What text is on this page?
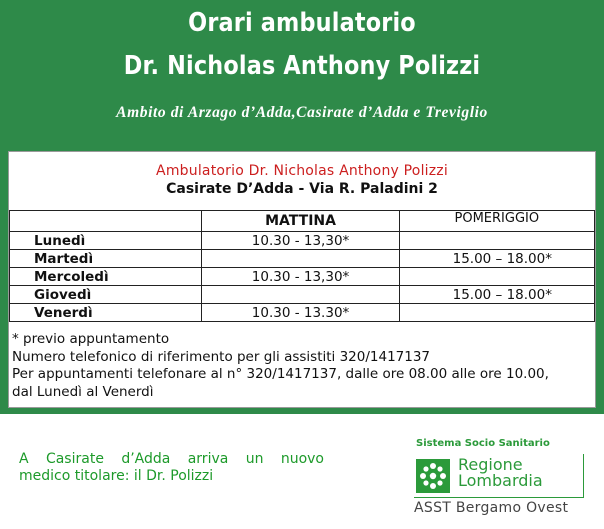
Orari ambulatorio
Dr. Nicholas Anthony Polizzi
Ambito di Arzago d’Adda,Casirate d’Adda e Treviglio
Ambulatorio Dr. Nicholas Anthony Polizzi
Casirate D’Adda - Via R. Paladini 2
	MATTINA	POMERIGGIO
Lunedì	10.30 - 13,30*	
Martedì		15.00 – 18.00*
Mercoledì	10.30 - 13,30*	
Giovedì		15.00 – 18.00*
Venerdì	10.30 - 13.30*	
* previo appuntamento
Numero telefonico di riferimento per gli assistiti 320/1417137
Per appuntamenti telefonare al n° 320/1417137, dalle ore 08.00 alle ore 10.00,
dal Lunedì al Venerdì
A Casirate d’Adda arriva un nuovo
medico titolare: il Dr. Polizzi
Sistema Socio Sanitario
Regione
Lombardia
ASST Bergamo Ovest
